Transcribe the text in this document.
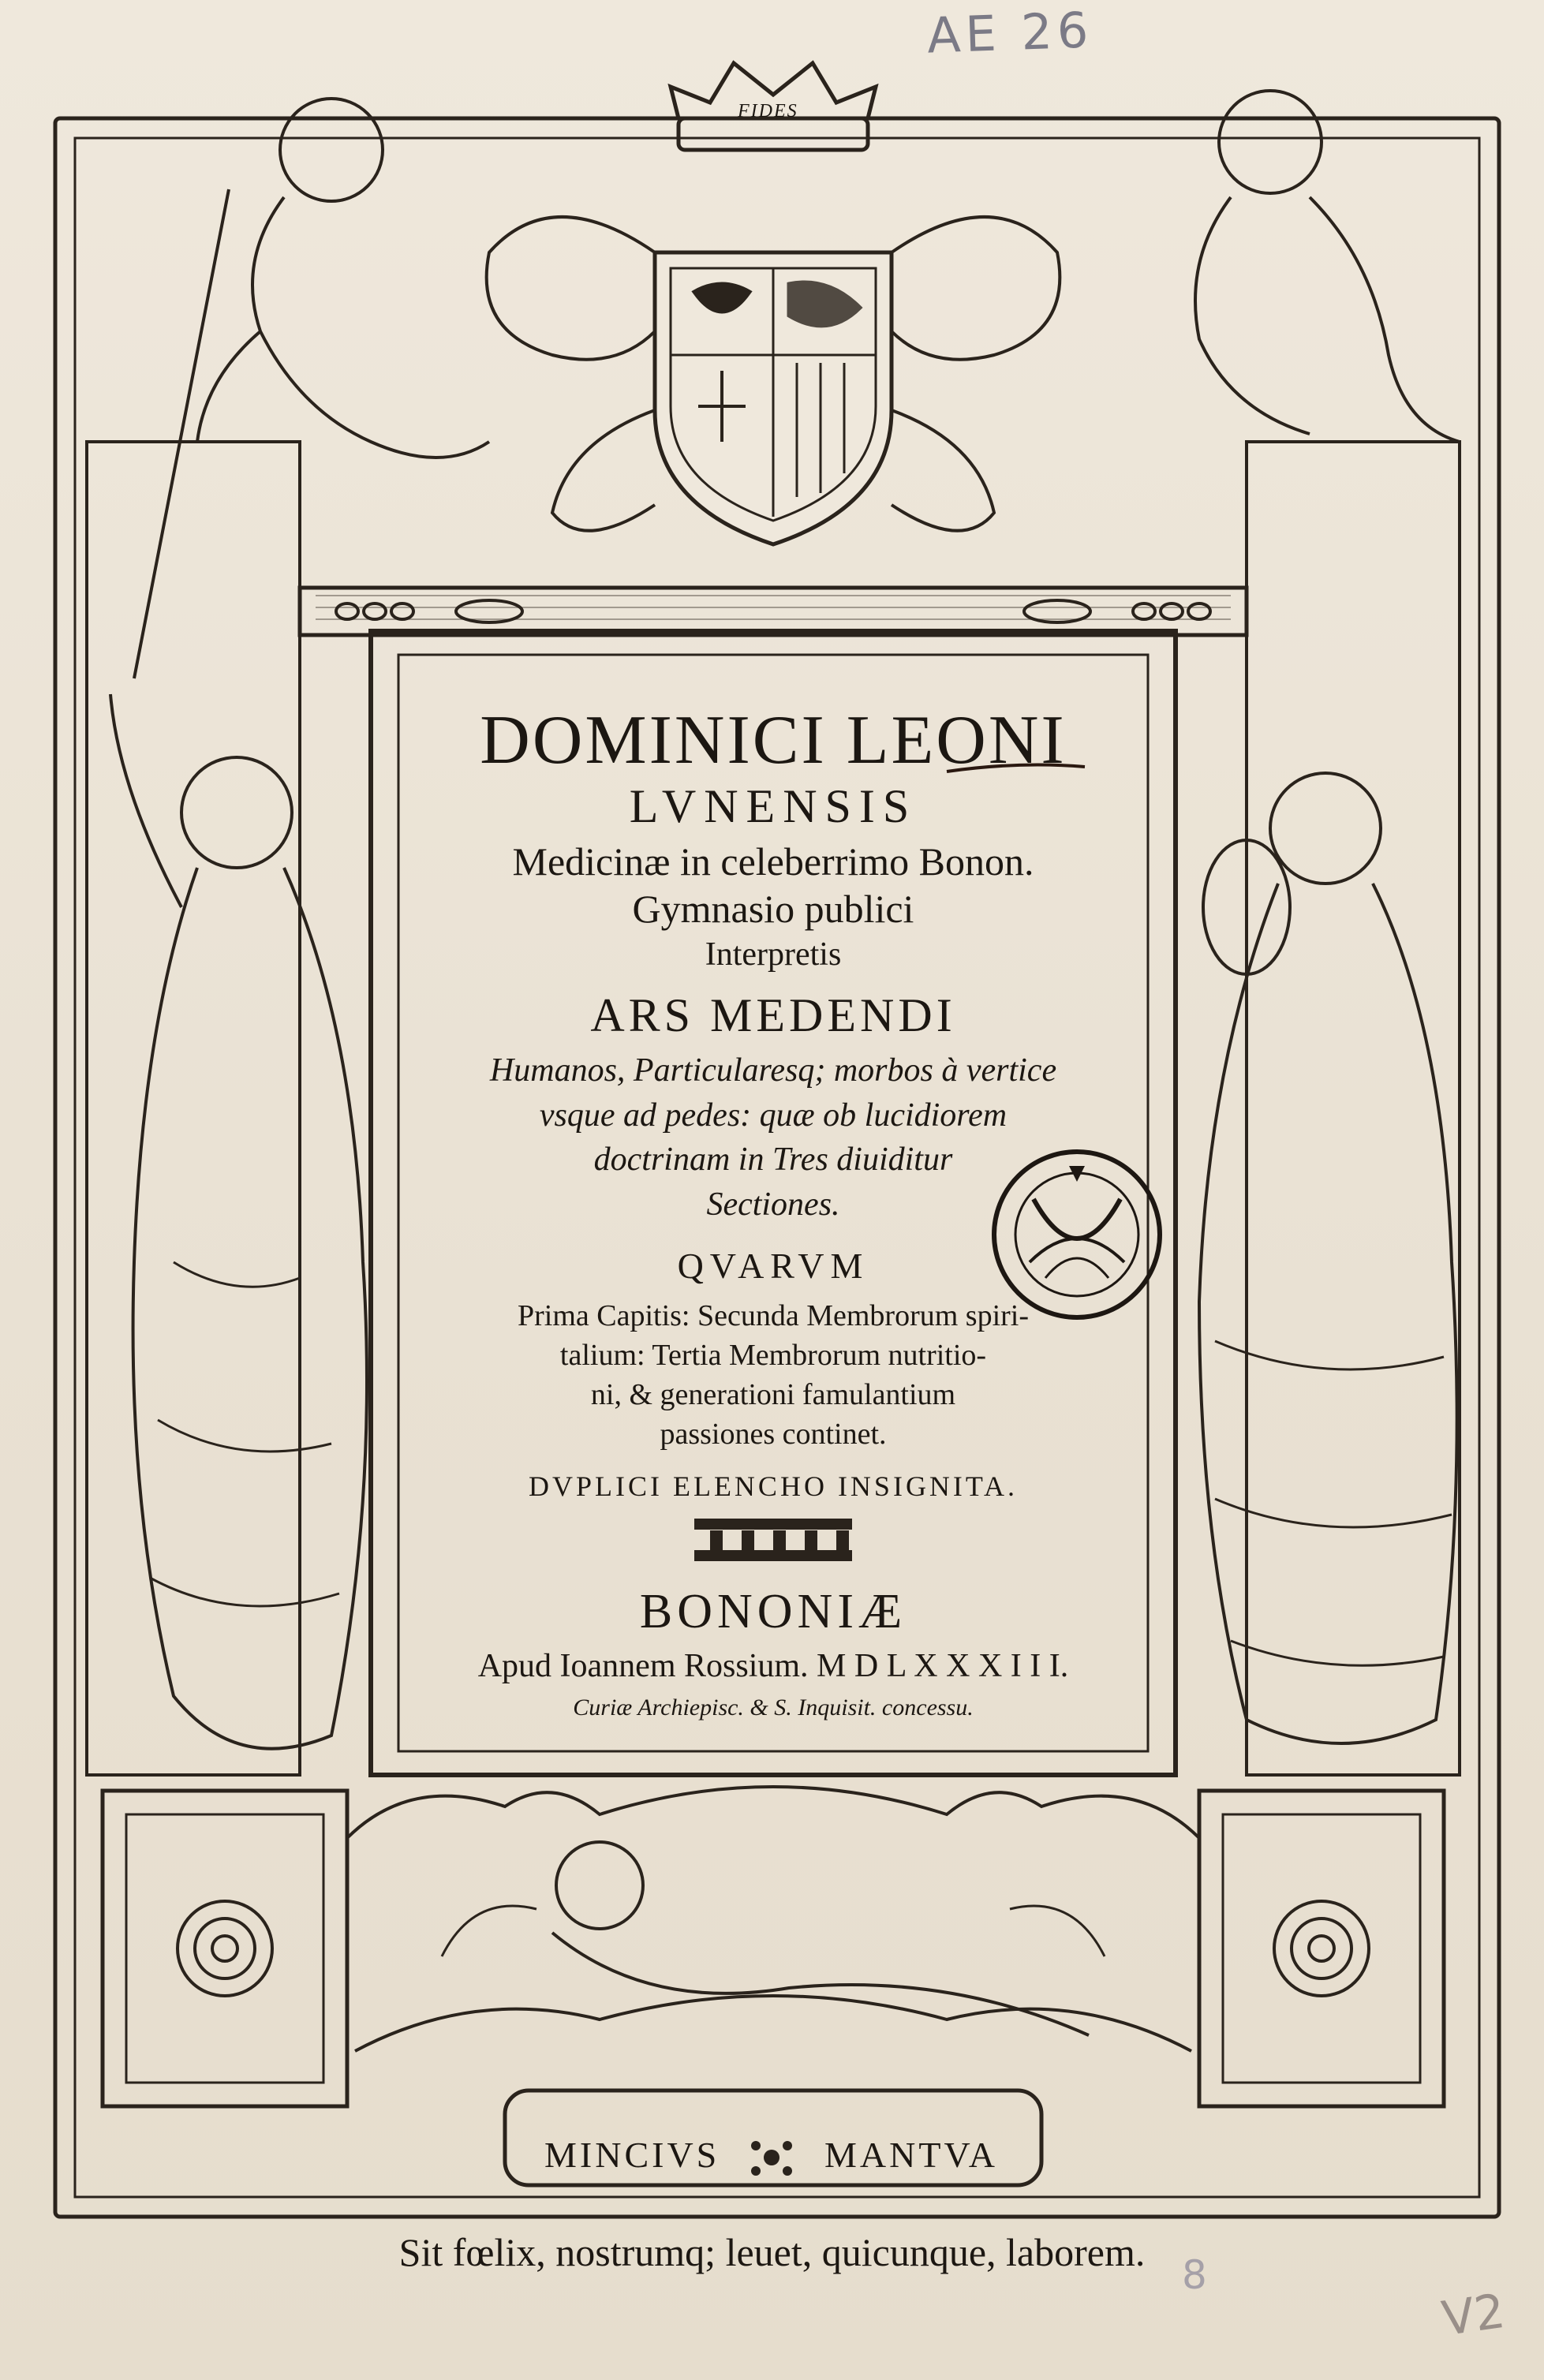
AE 26
FIDES
DOMINICI LEONI
LVNENSIS
Medicinæ in celeberrimo Bonon.
Gymnasio publici
Interpretis
ARS MEDENDI
Humanos, Particularesq; morbos à vertice
vsque ad pedes: quæ ob lucidiorem
doctrinam in Tres diuiditur
Sectiones.
QVARVM
Prima Capitis: Secunda Membrorum spiri-
talium: Tertia Membrorum nutritio-
ni, & generationi famulantium
passiones continet.
DVPLICI ELENCHO INSIGNITA.
BONONIÆ
Apud Ioannem Rossium. M D L X X X I I I.
Curiæ Archiepisc. & S. Inquisit. concessu.
MINCIVS	MANTVA
Sit fœlix, nostrumq; leuet, quicunque, laborem. 8
V2
